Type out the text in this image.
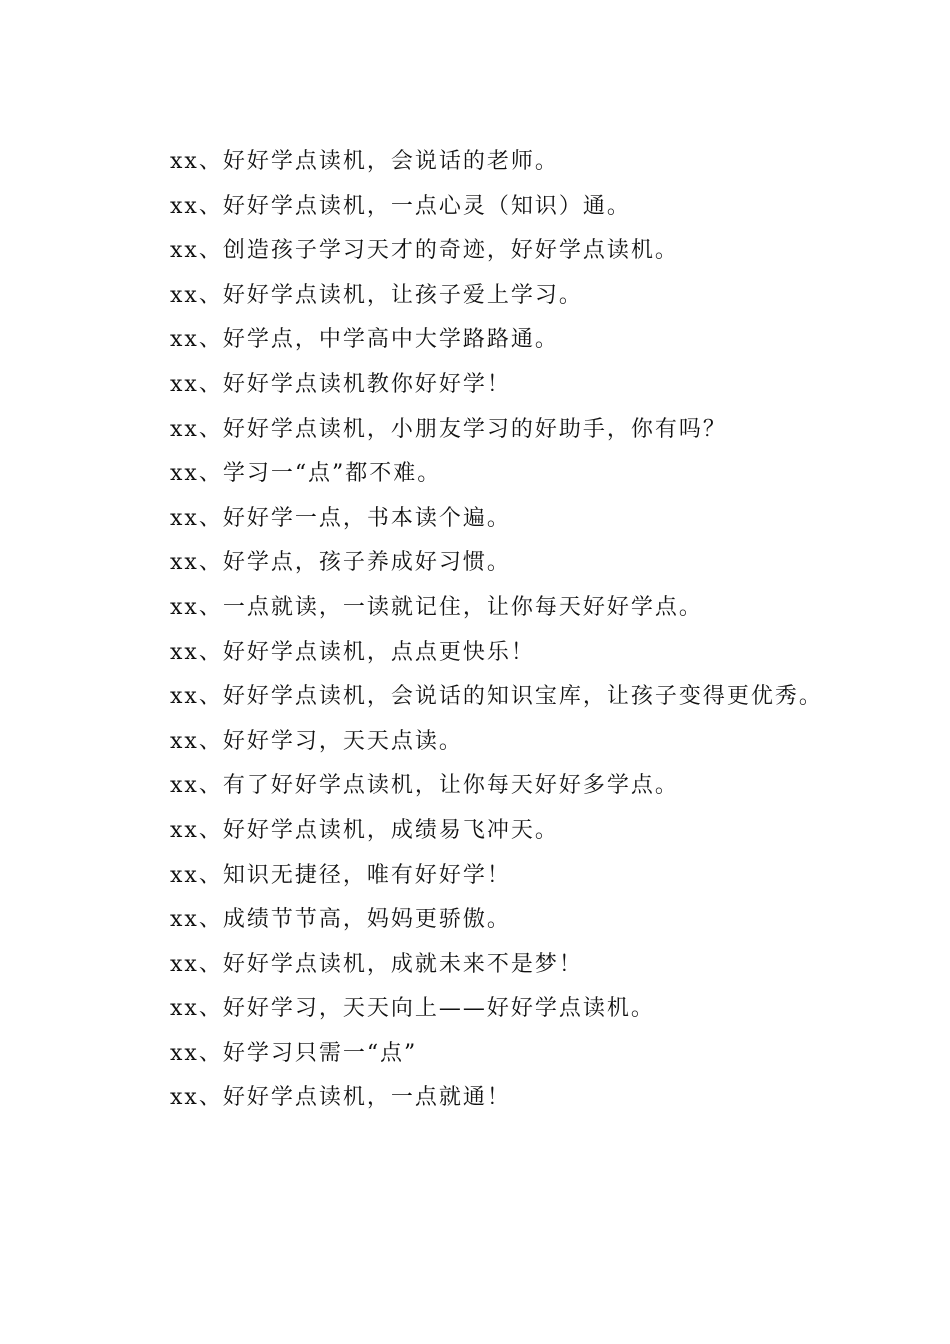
xx、好好学点读机，会说话的老师。

xx、好好学点读机，一点心灵（知识）通。

xx、创造孩子学习天才的奇迹，好好学点读机。

xx、好好学点读机，让孩子爱上学习。

xx、好学点，中学高中大学路路通。

xx、好好学点读机教你好好学！

xx、好好学点读机，小朋友学习的好助手，你有吗？

xx、学习一“点”都不难。

xx、好好学一点，书本读个遍。

xx、好学点，孩子养成好习惯。

xx、一点就读，一读就记住，让你每天好好学点。

xx、好好学点读机，点点更快乐！

xx、好好学点读机，会说话的知识宝库，让孩子变得更优秀。

xx、好好学习，天天点读。

xx、有了好好学点读机，让你每天好好多学点。

xx、好好学点读机，成绩易飞冲天。

xx、知识无捷径，唯有好好学！

xx、成绩节节高，妈妈更骄傲。

xx、好好学点读机，成就未来不是梦！

xx、好好学习，天天向上——好好学点读机。

xx、好学习只需一“点”

xx、好好学点读机，一点就通！
